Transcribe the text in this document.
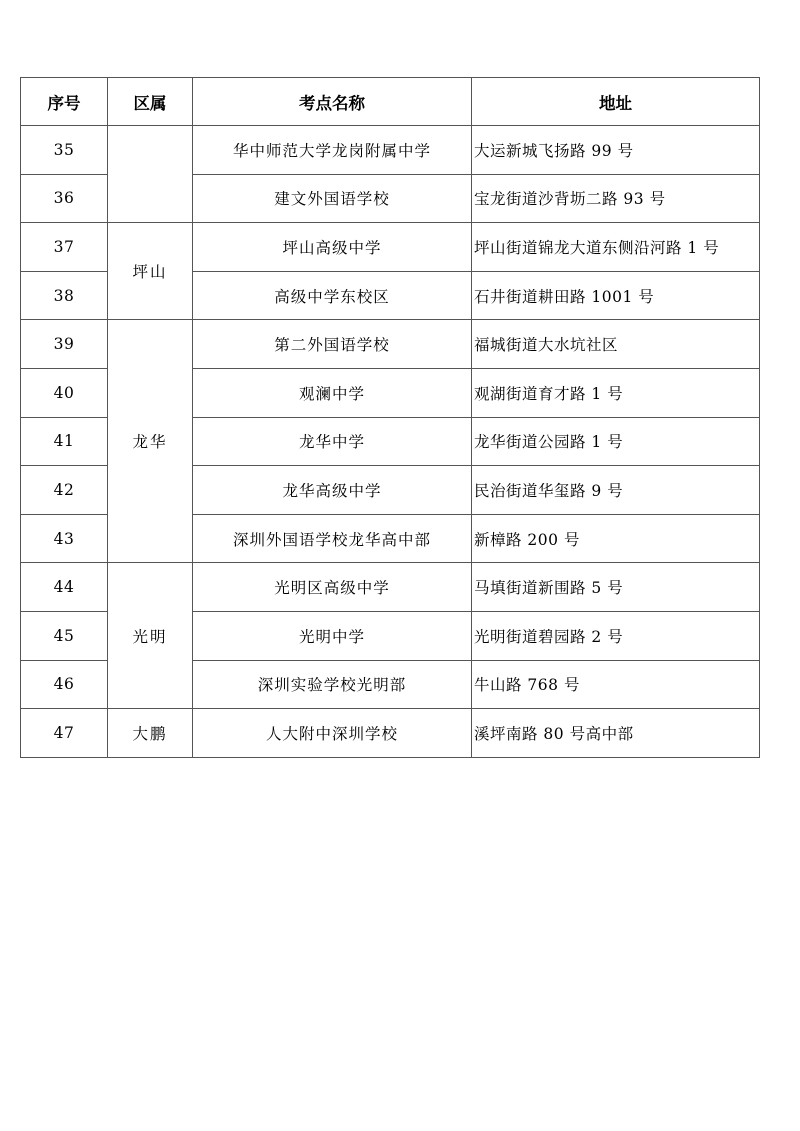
序号	区属	考点名称	地址
35		华中师范大学龙岗附属中学	大运新城飞扬路 99 号
36		建文外国语学校	宝龙街道沙背坜二路 93 号
37	坪山	坪山高级中学	坪山街道锦龙大道东侧沿河路 1 号
38		高级中学东校区	石井街道耕田路 1001 号
39	龙华	第二外国语学校	福城街道大水坑社区
40		观澜中学	观湖街道育才路 1 号
41		龙华中学	龙华街道公园路 1 号
42		龙华高级中学	民治街道华玺路 9 号
43		深圳外国语学校龙华高中部	新樟路 200 号
44	光明	光明区高级中学	马填街道新围路 5 号
45		光明中学	光明街道碧园路 2 号
46		深圳实验学校光明部	牛山路 768 号
47	大鹏	人大附中深圳学校	溪坪南路 80 号高中部
